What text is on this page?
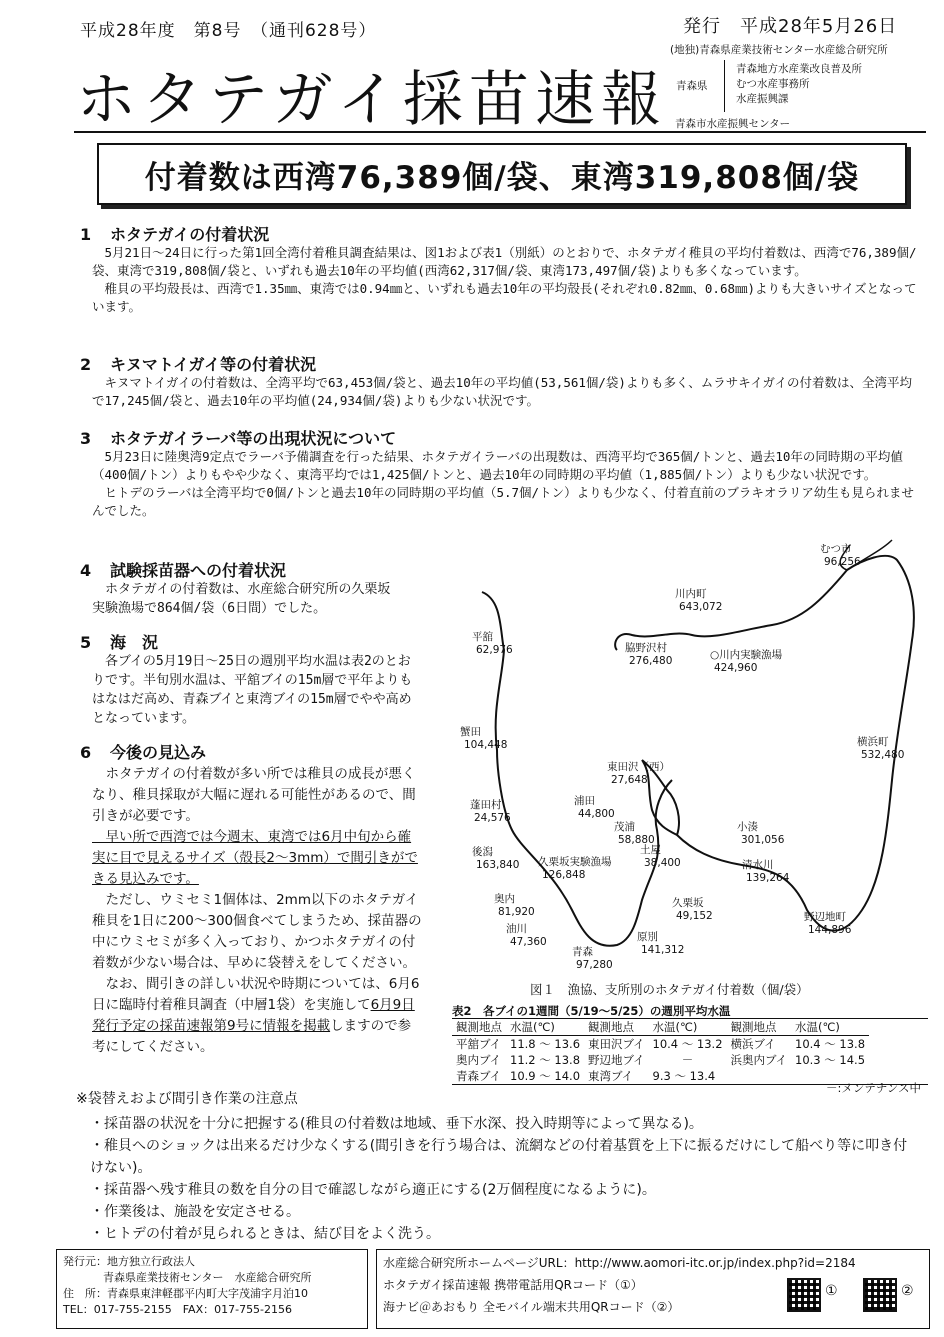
平成28年度　第8号　（通刊628号）	発行　平成28年5月26日
ホタテガイ採苗速報
(地独)青森県産業技術センター水産総合研究所
青森県
青森地方水産業改良普及所
むつ水産事務所
水産振興課
青森市水産振興センター
付着数は西湾76,389個/袋、東湾319,808個/袋
1 ホタテガイの付着状況
　5月21日～24日に行った第1回全湾付着稚貝調査結果は、図1および表1（別紙）のとおりで、ホタテガイ稚貝の平均付着数は、西湾で76,389個/袋、東湾で319,808個/袋と、いずれも過去10年の平均値(西湾62,317個/袋、東湾173,497個/袋)よりも多くなっています。
　稚貝の平均殻長は、西湾で1.35㎜、東湾では0.94㎜と、いずれも過去10年の平均殻長(それぞれ0.82㎜、0.68㎜)よりも大きいサイズとなっています。
2 キヌマトイガイ等の付着状況
　キヌマトイガイの付着数は、全湾平均で63,453個/袋と、過去10年の平均値(53,561個/袋)よりも多く、ムラサキイガイの付着数は、全湾平均で17,245個/袋と、過去10年の平均値(24,934個/袋)よりも少ない状況です。
3 ホタテガイラーバ等の出現状況について
　5月23日に陸奥湾9定点でラーバ予備調査を行った結果、ホタテガイラーバの出現数は、西湾平均で365個/トンと、過去10年の同時期の平均値（400個/トン）よりもやや少なく、東湾平均では1,425個/トンと、過去10年の同時期の平均値（1,885個/トン）よりも少ない状況です。
　ヒトデのラーバは全湾平均で0個/トンと過去10年の同時期の平均値（5.7個/トン）よりも少なく、付着直前のブラキオラリア幼生も見られませんでした。
4 試験採苗器への付着状況
　ホタテガイの付着数は、水産総合研究所の久栗坂実験漁場で864個/袋（6日間）でした。
5 海　況
　各ブイの5月19日～25日の週別平均水温は表2のとおりです。半旬別水温は、平舘ブイの15m層で平年よりもはなはだ高め、青森ブイと東湾ブイの15m層でやや高めとなっています。
6 今後の見込み
　ホタテガイの付着数が多い所では稚貝の成長が悪くなり、稚貝採取が大幅に遅れる可能性があるので、間引きが必要です。
　早い所で西湾では今週末、東湾では6月中旬から確実に目で見えるサイズ（殻長2～3mm）で間引きができる見込みです。
　ただし、ウミセミ1個体は、2mm以下のホタテガイ稚貝を1日に200～300個食べてしまうため、採苗器の中にウミセミが多く入っており、かつホタテガイの付着数が少ない場合は、早めに袋替えをしてください。
　なお、間引きの詳しい状況や時期については、6月6日に臨時付着稚貝調査（中層1袋）を実施して6月9日発行予定の採苗速報第9号に情報を掲載しますので参考にしてください。
むつ市
96,256
川内町
643,072
脇野沢村
276,480	○川内実験漁場
424,960
平舘
62,976
蟹田
104,448	横浜町
532,480
東田沢（西）
27,648
浦田
44,800
茂浦
58,880
蓬田村
24,576
小湊
301,056
土屋
38,400
後潟
163,840 久栗坂実験漁場
126,848
清水川
139,264
奥内
81,920
久栗坂
49,152	野辺地町
144,896
油川
47,360	原別
141,312
青森
97,280
図１　漁協、支所別のホタテガイ付着数（個/袋）
表2　各ブイの1週間（5/19～5/25）の週別平均水温
観測地点	水温(℃)	観測地点	水温(℃)	観測地点	水温(℃)
平舘ブイ	11.8 ～ 13.6	東田沢ブイ	10.4 ～ 13.2	横浜ブイ	10.4 ～ 13.8
奥内ブイ	11.2 ～ 13.8	野辺地ブイ	－	浜奥内ブイ	10.3 ～ 14.5
青森ブイ	10.9 ～ 14.0	東湾ブイ	9.3 ～ 13.4		
－:メンテナンス中
※袋替えおよび間引き作業の注意点
・採苗器の状況を十分に把握する(稚貝の付着数は地域、垂下水深、投入時期等によって異なる)。
・稚貝へのショックは出来るだけ少なくする(間引きを行う場合は、流網などの付着基質を上下に振るだけにして船べり等に叩き付けない)。
・採苗器へ残す稚貝の数を自分の目で確認しながら適正にする(2万個程度になるように)。
・作業後は、施設を安定させる。
・ヒトデの付着が見られるときは、結び目をよく洗う。
発行元：地方独立行政法人
青森県産業技術センター　水産総合研究所
住　所：青森県東津軽郡平内町大字茂浦字月泊10
TEL：017-755-2155　FAX：017-755-2156
水産総合研究所ホームページURL：http://www.aomori-itc.or.jp/index.php?id=2184
ホタテガイ採苗速報 携帯電話用QRコード（①）
海ナビ＠あおもり 全モバイル端末共用QRコード（②）
①	②
